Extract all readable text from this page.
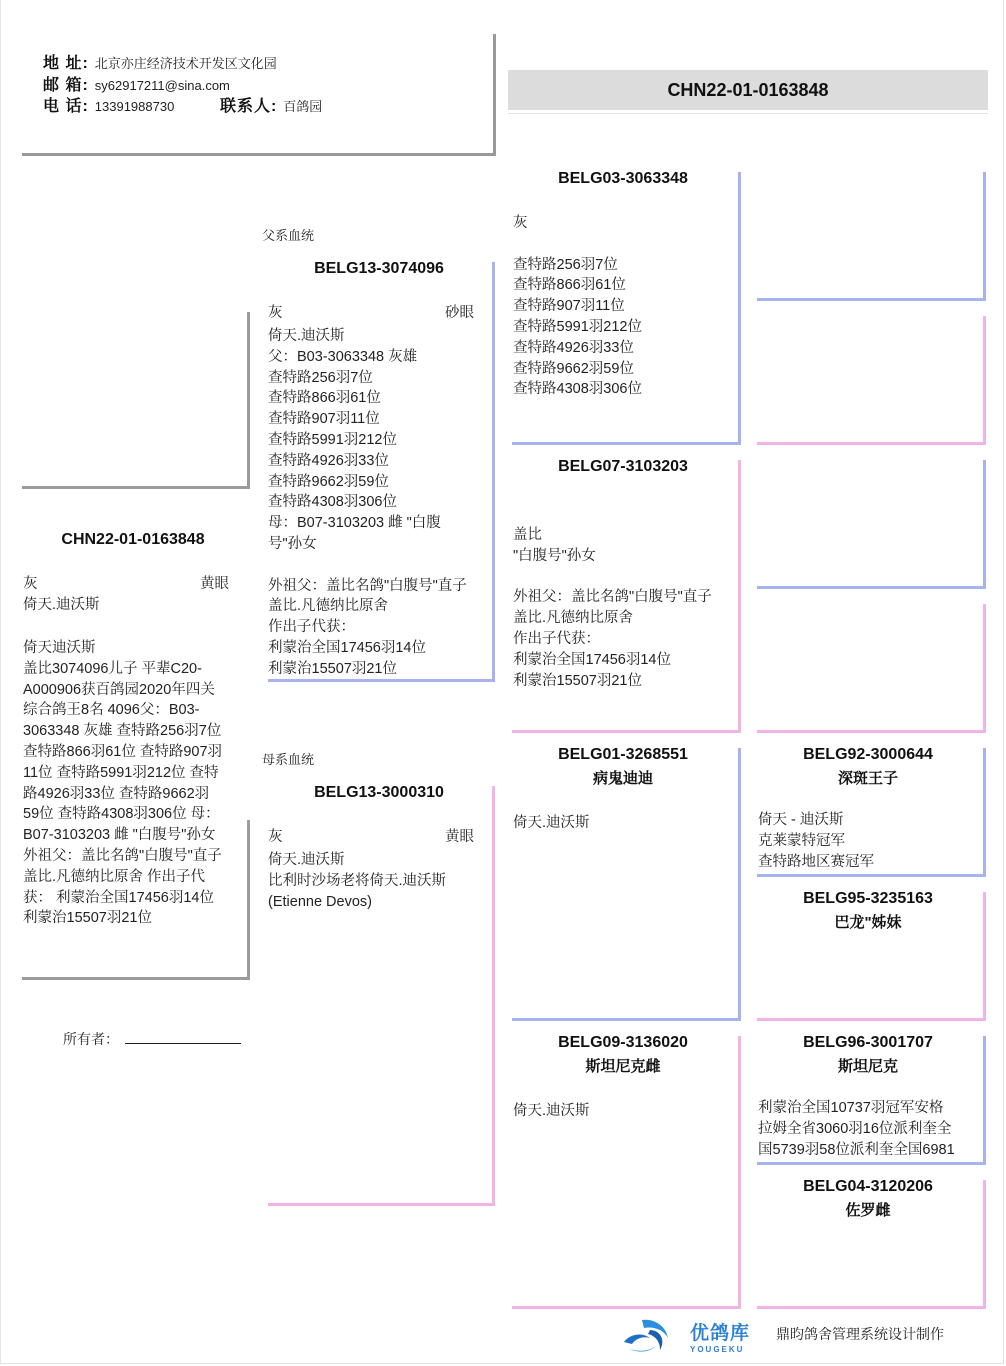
地 址: 北京亦庄经济技术开发区文化园
邮 箱: sy62917211@sina.com
电 话: 13391988730	联系人: 百鸽园
CHN22-01-0163848
CHN22-01-0163848
灰	黄眼
倚天.迪沃斯
倚天迪沃斯
盖比3074096儿子 平辈C20-
A000906获百鸽园2020年四关
综合鸽王8名 4096父：B03-
3063348 灰雄 查特路256羽7位
查特路866羽61位 查特路907羽
11位 查特路5991羽212位 查特
路4926羽33位 查特路9662羽
59位 查特路4308羽306位 母：
B07-3103203 雌 "白腹号"孙女
外祖父：盖比名鸽"白腹号"直子
盖比.凡德纳比原舍 作出子代
获： 利蒙治全国17456羽14位
利蒙治15507羽21位
所有者：
父系血统
BELG13-3074096
灰	砂眼
倚天.迪沃斯
父：B03-3063348 灰雄
查特路256羽7位
查特路866羽61位
查特路907羽11位
查特路5991羽212位
查特路4926羽33位
查特路9662羽59位
查特路4308羽306位
母：B07-3103203 雌 "白腹
号"孙女

外祖父：盖比名鸽"白腹号"直子
盖比.凡德纳比原舍
作出子代获：
利蒙治全国17456羽14位
利蒙治15507羽21位
母系血统
BELG13-3000310
灰	黄眼
倚天.迪沃斯
比利时沙场老将倚天.迪沃斯
(Etienne Devos)
BELG03-3063348
灰

查特路256羽7位
查特路866羽61位
查特路907羽11位
查特路5991羽212位
查特路4926羽33位
查特路9662羽59位
查特路4308羽306位
BELG07-3103203
盖比
"白腹号"孙女

外祖父：盖比名鸽"白腹号"直子
盖比.凡德纳比原舍
作出子代获：
利蒙治全国17456羽14位
利蒙治15507羽21位
BELG01-3268551
病鬼迪迪
倚天.迪沃斯
BELG09-3136020
斯坦尼克雌
倚天.迪沃斯
BELG92-3000644
深斑王子
倚天 - 迪沃斯
克莱蒙特冠军
查特路地区赛冠军
BELG95-3235163
巴龙"姊妹
BELG96-3001707
斯坦尼克
利蒙治全国10737羽冠军安格
拉姆全省3060羽16位派利奎全
国5739羽58位派利奎全国6981
BELG04-3120206
佐罗雌
优鸽库
YOUGEKU
鼎昀鸽舍管理系统设计制作
